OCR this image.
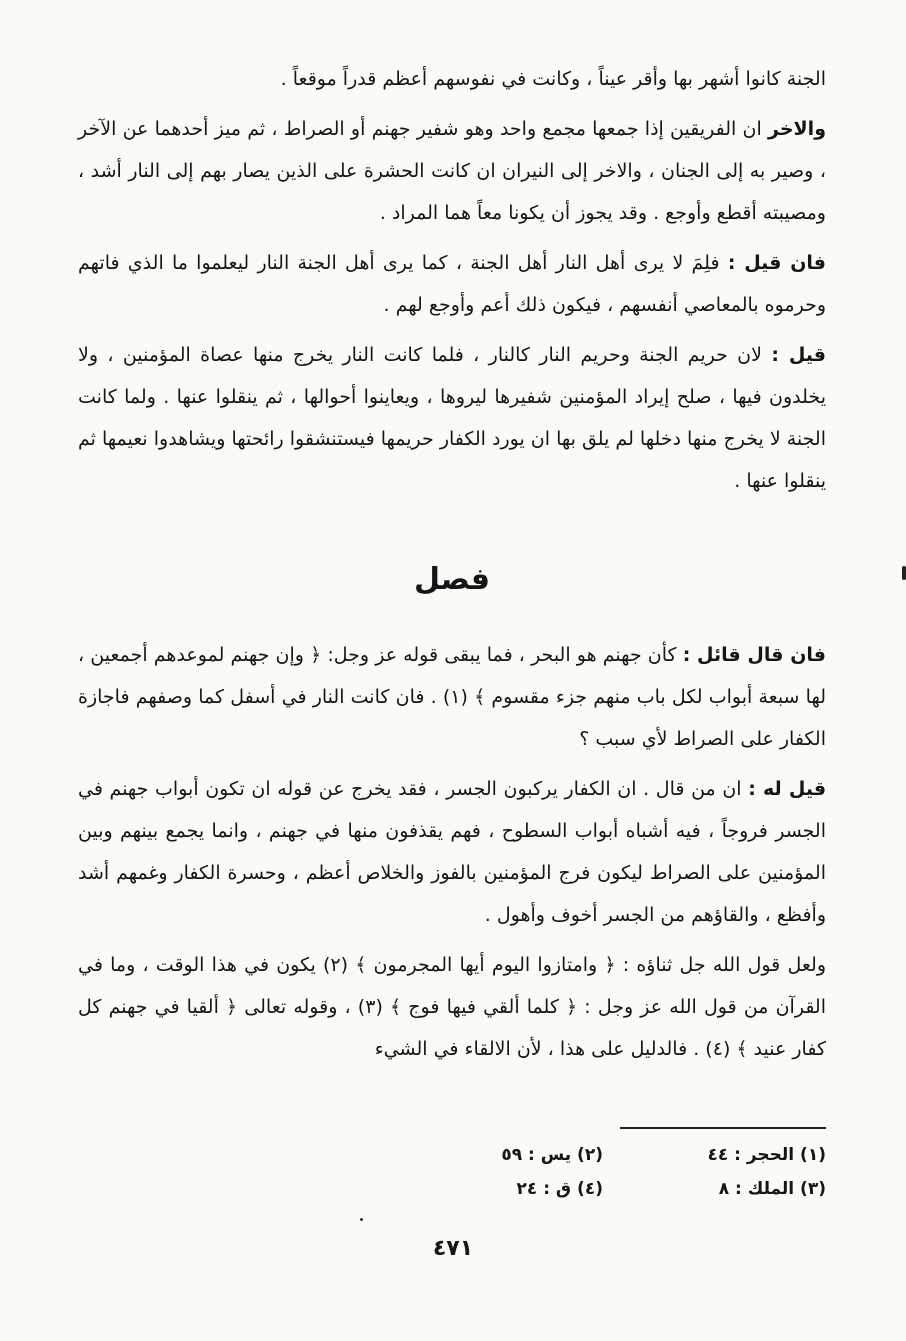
الجنة كانوا أشهر بها وأقر عيناً ، وكانت في نفوسهم أعظم قدراً موقعاً .

والاخر ان الفريقين إذا جمعها مجمع واحد وهو شفير جهنم أو الصراط ، ثم ميز أحدهما عن الآخر ، وصير به إلى الجنان ، والاخر إلى النيران ان كانت الحشرة على الذين يصار بهم إلى النار أشد ، ومصيبته أقطع وأوجع . وقد يجوز أن يكونا معاً هما المراد .

فان قيل : فلِمَ لا يرى أهل النار أهل الجنة ، كما يرى أهل الجنة النار ليعلموا ما الذي فاتهم وحرموه بالمعاصي أنفسهم ، فيكون ذلك أعم وأوجع لهم .

قيل : لان حريم الجنة وحريم النار كالنار ، فلما كانت النار يخرج منها عصاة المؤمنين ، ولا يخلدون فيها ، صلح إيراد المؤمنين شفيرها ليروها ، ويعاينوا أحوالها ، ثم ينقلوا عنها . ولما كانت الجنة لا يخرج منها دخلها لم يلق بها ان يورد الكفار حريمها فيستنشقوا رائحتها ويشاهدوا نعيمها ثم ينقلوا عنها .

فصل

فان قال قائل : كأن جهنم هو البحر ، فما يبقى قوله عز وجل: ﴿ وإن جهنم لموعدهم أجمعين ، لها سبعة أبواب لكل باب منهم جزء مقسوم ﴾ (١) . فان كانت النار في أسفل كما وصفهم فاجازة الكفار على الصراط لأي سبب ؟

قيل له : ان من قال . ان الكفار يركبون الجسر ، فقد يخرج عن قوله ان تكون أبواب جهنم في الجسر فروجاً ، فيه أشباه أبواب السطوح ، فهم يقذفون منها في جهنم ، وانما يجمع بينهم وبين المؤمنين على الصراط ليكون فرج المؤمنين بالفوز والخلاص أعظم ، وحسرة الكفار وغمهم أشد وأفظع ، والقاؤهم من الجسر أخوف وأهول .

ولعل قول الله جل ثناؤه : ﴿ وامتازوا اليوم أيها المجرمون ﴾ (٢) يكون في هذا الوقت ، وما في القرآن من قول الله عز وجل : ﴿ كلما ألقي فيها فوج ﴾ (٣) ، وقوله تعالى ﴿ ألقيا في جهنم كل كفار عنيد ﴾ (٤) . فالدليل على هذا ، لأن الالقاء في الشيء

(١) الحجر : ٤٤
(٢) يس : ٥٩
(٣) الملك : ٨
(٤) ق : ٢٤
٤٧١
